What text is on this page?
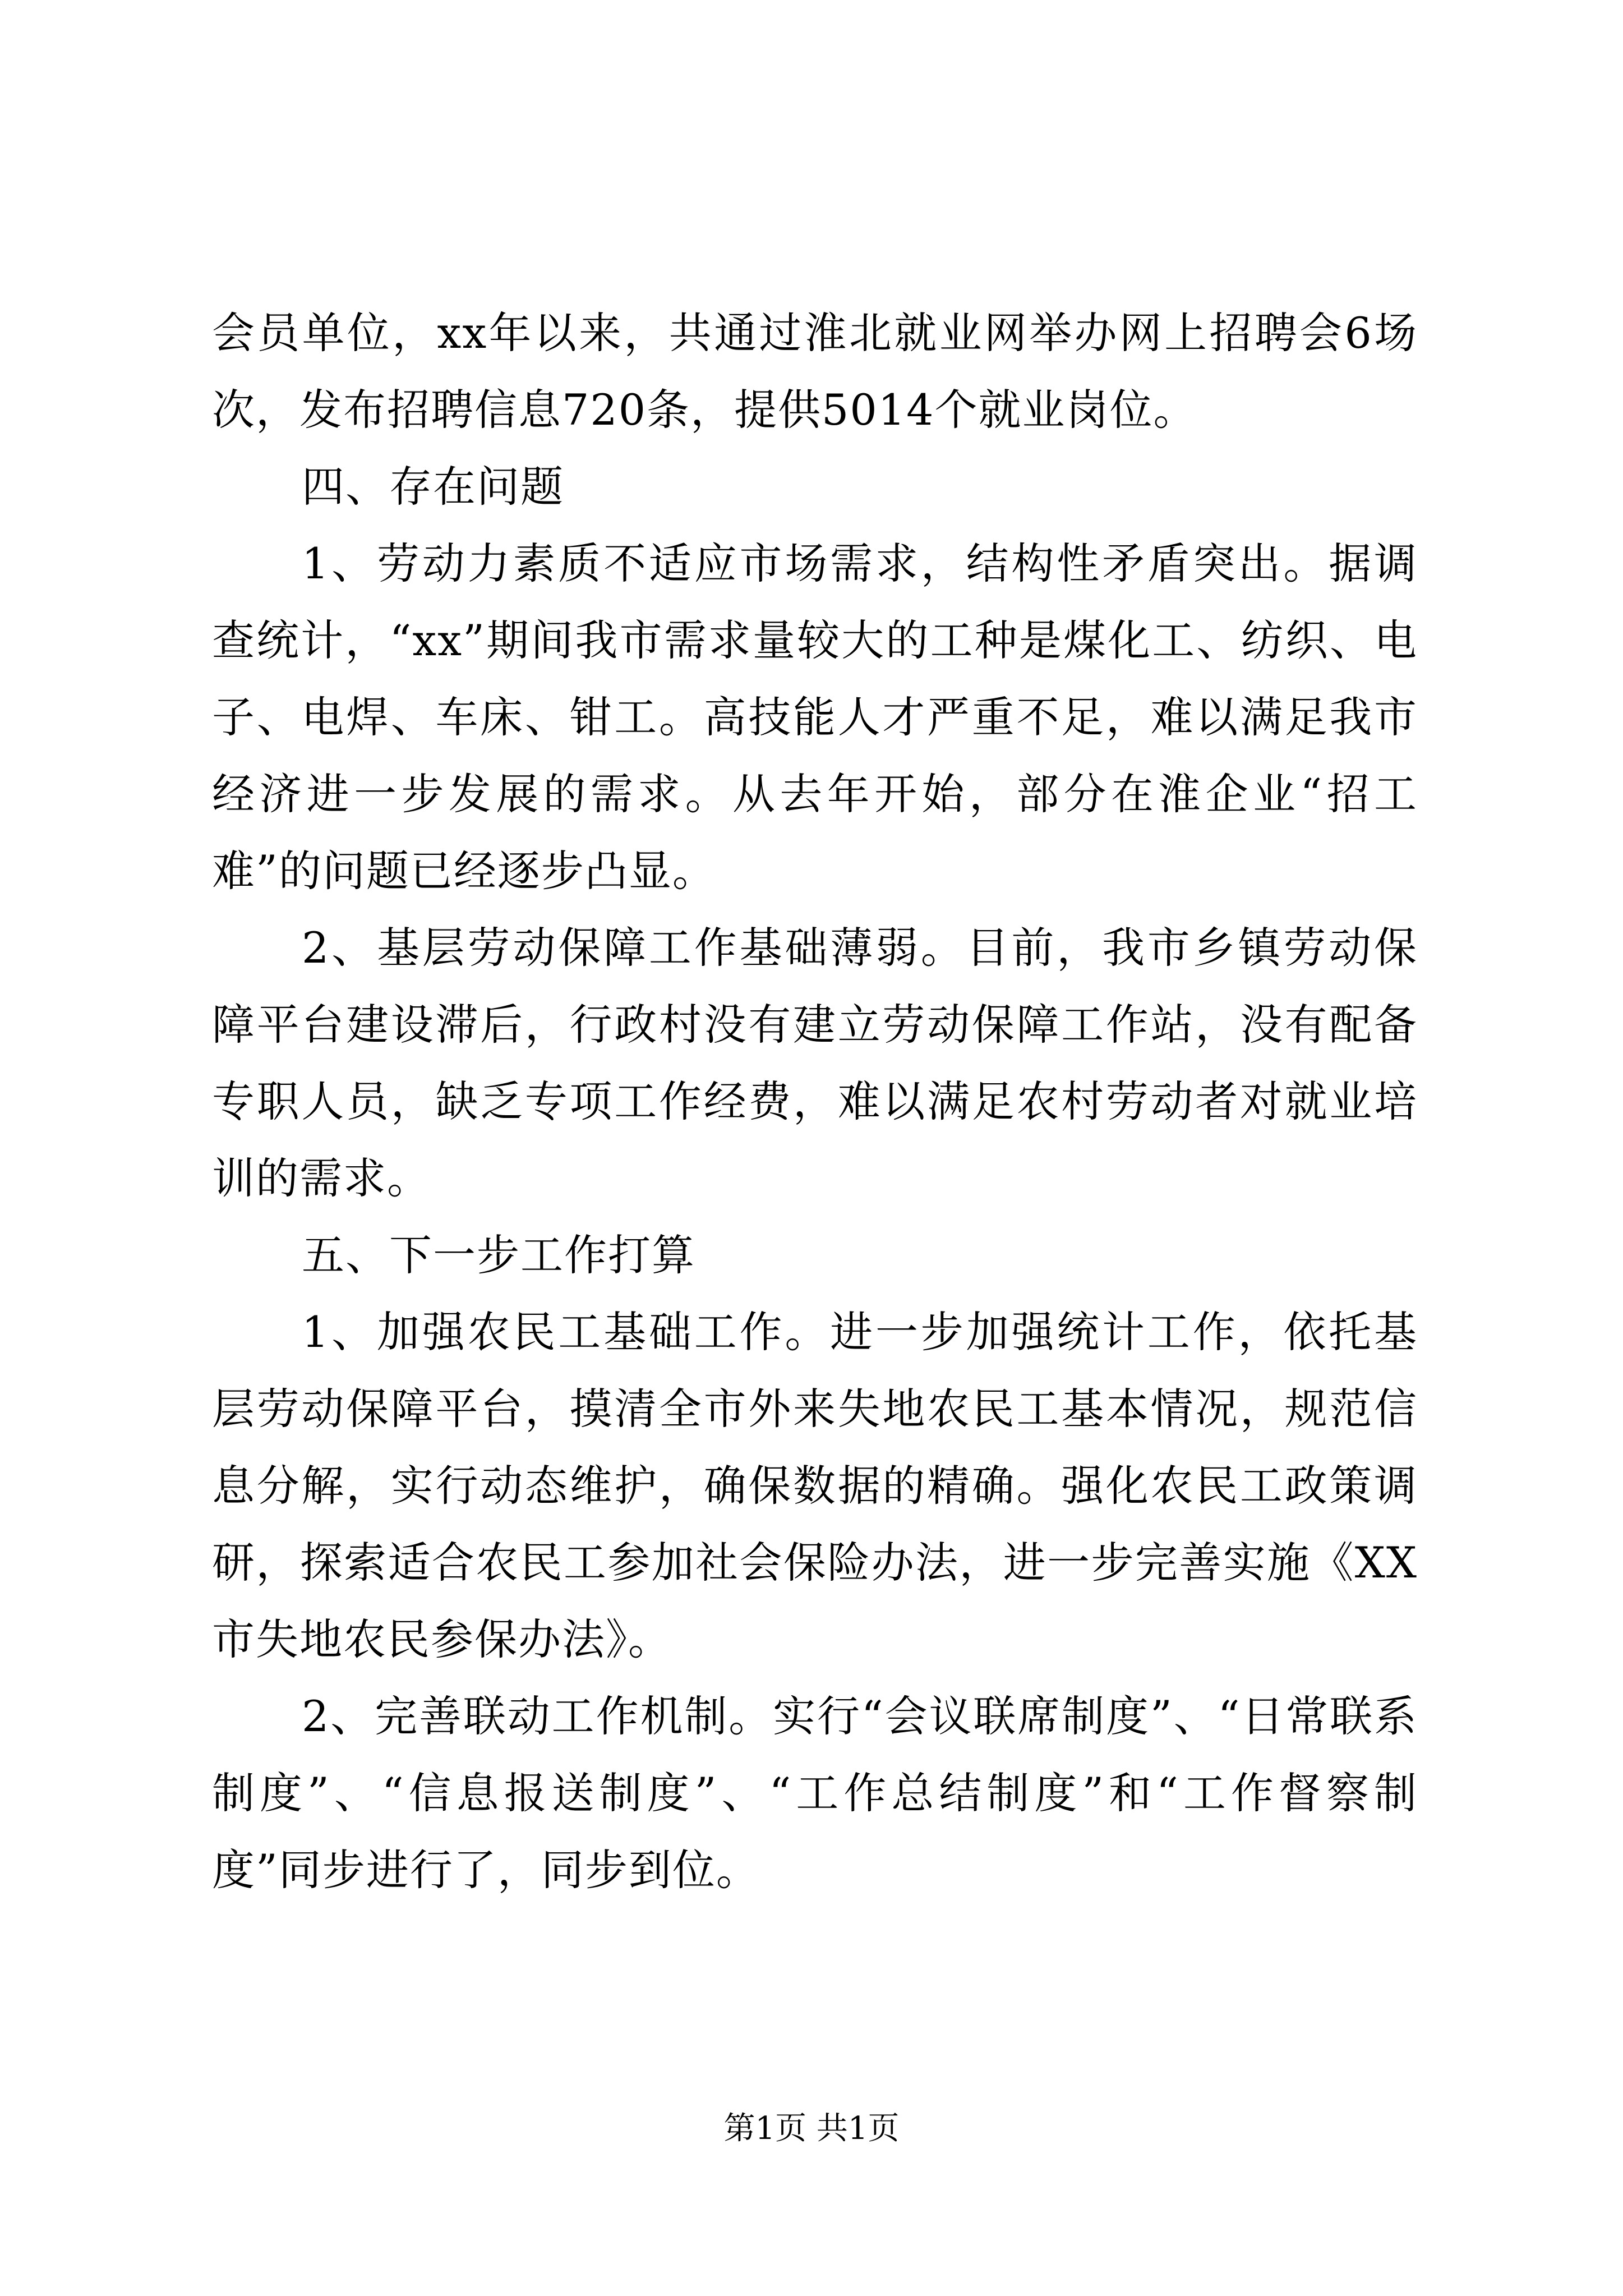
会员单位，xx年以来，共通过淮北就业网举办网上招聘会6场次，发布招聘信息720条，提供5014个就业岗位。

四、存在问题

1、劳动力素质不适应市场需求，结构性矛盾突出。据调查统计，“xx”期间我市需求量较大的工种是煤化工、纺织、电子、电焊、车床、钳工。高技能人才严重不足，难以满足我市经济进一步发展的需求。从去年开始，部分在淮企业“招工难”的问题已经逐步凸显。

2、基层劳动保障工作基础薄弱。目前，我市乡镇劳动保障平台建设滞后，行政村没有建立劳动保障工作站，没有配备专职人员，缺乏专项工作经费，难以满足农村劳动者对就业培训的需求。

五、下一步工作打算

1、加强农民工基础工作。进一步加强统计工作，依托基层劳动保障平台，摸清全市外来失地农民工基本情况，规范信息分解，实行动态维护，确保数据的精确。强化农民工政策调研，探索适合农民工参加社会保险办法，进一步完善实施《XX市失地农民参保办法》。

2、完善联动工作机制。实行“会议联席制度”、“日常联系制度”、“信息报送制度”、“工作总结制度”和“工作督察制度”同步进行了，同步到位。

第1页 共1页
